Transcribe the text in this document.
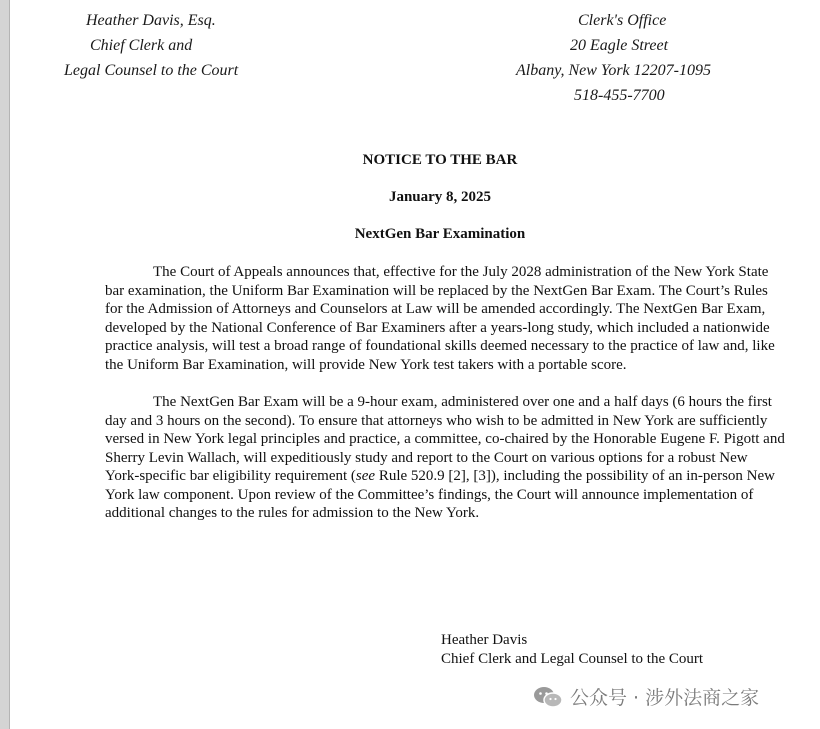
Heather Davis, Esq.
Chief Clerk and
Legal Counsel to the Court
Clerk's Office
20 Eagle Street
Albany, New York 12207-1095
518-455-7700
NOTICE TO THE BAR
January 8, 2025
NextGen Bar Examination

The Court of Appeals announces that, effective for the July 2028 administration of the New York State bar examination, the Uniform Bar Examination will be replaced by the NextGen Bar Exam. The Court’s Rules for the Admission of Attorneys and Counselors at Law will be amended accordingly. The NextGen Bar Exam, developed by the National Conference of Bar Examiners after a years-long study, which included a nationwide practice analysis, will test a broad range of foundational skills deemed necessary to the practice of law and, like the Uniform Bar Examination, will provide New York test takers with a portable score.

The NextGen Bar Exam will be a 9-hour exam, administered over one and a half days (6 hours the first day and 3 hours on the second). To ensure that attorneys who wish to be admitted in New York are sufficiently versed in New York legal principles and practice, a committee, co-chaired by the Honorable Eugene F. Pigott and Sherry Levin Wallach, will expeditiously study and report to the Court on various options for a robust New York-specific bar eligibility requirement (see Rule 520.9 [2], [3]), including the possibility of an in-person New York law component. Upon review of the Committee’s findings, the Court will announce implementation of additional changes to the rules for admission to the New York.

Heather Davis
Chief Clerk and Legal Counsel to the Court
公众号 · 涉外法商之家
